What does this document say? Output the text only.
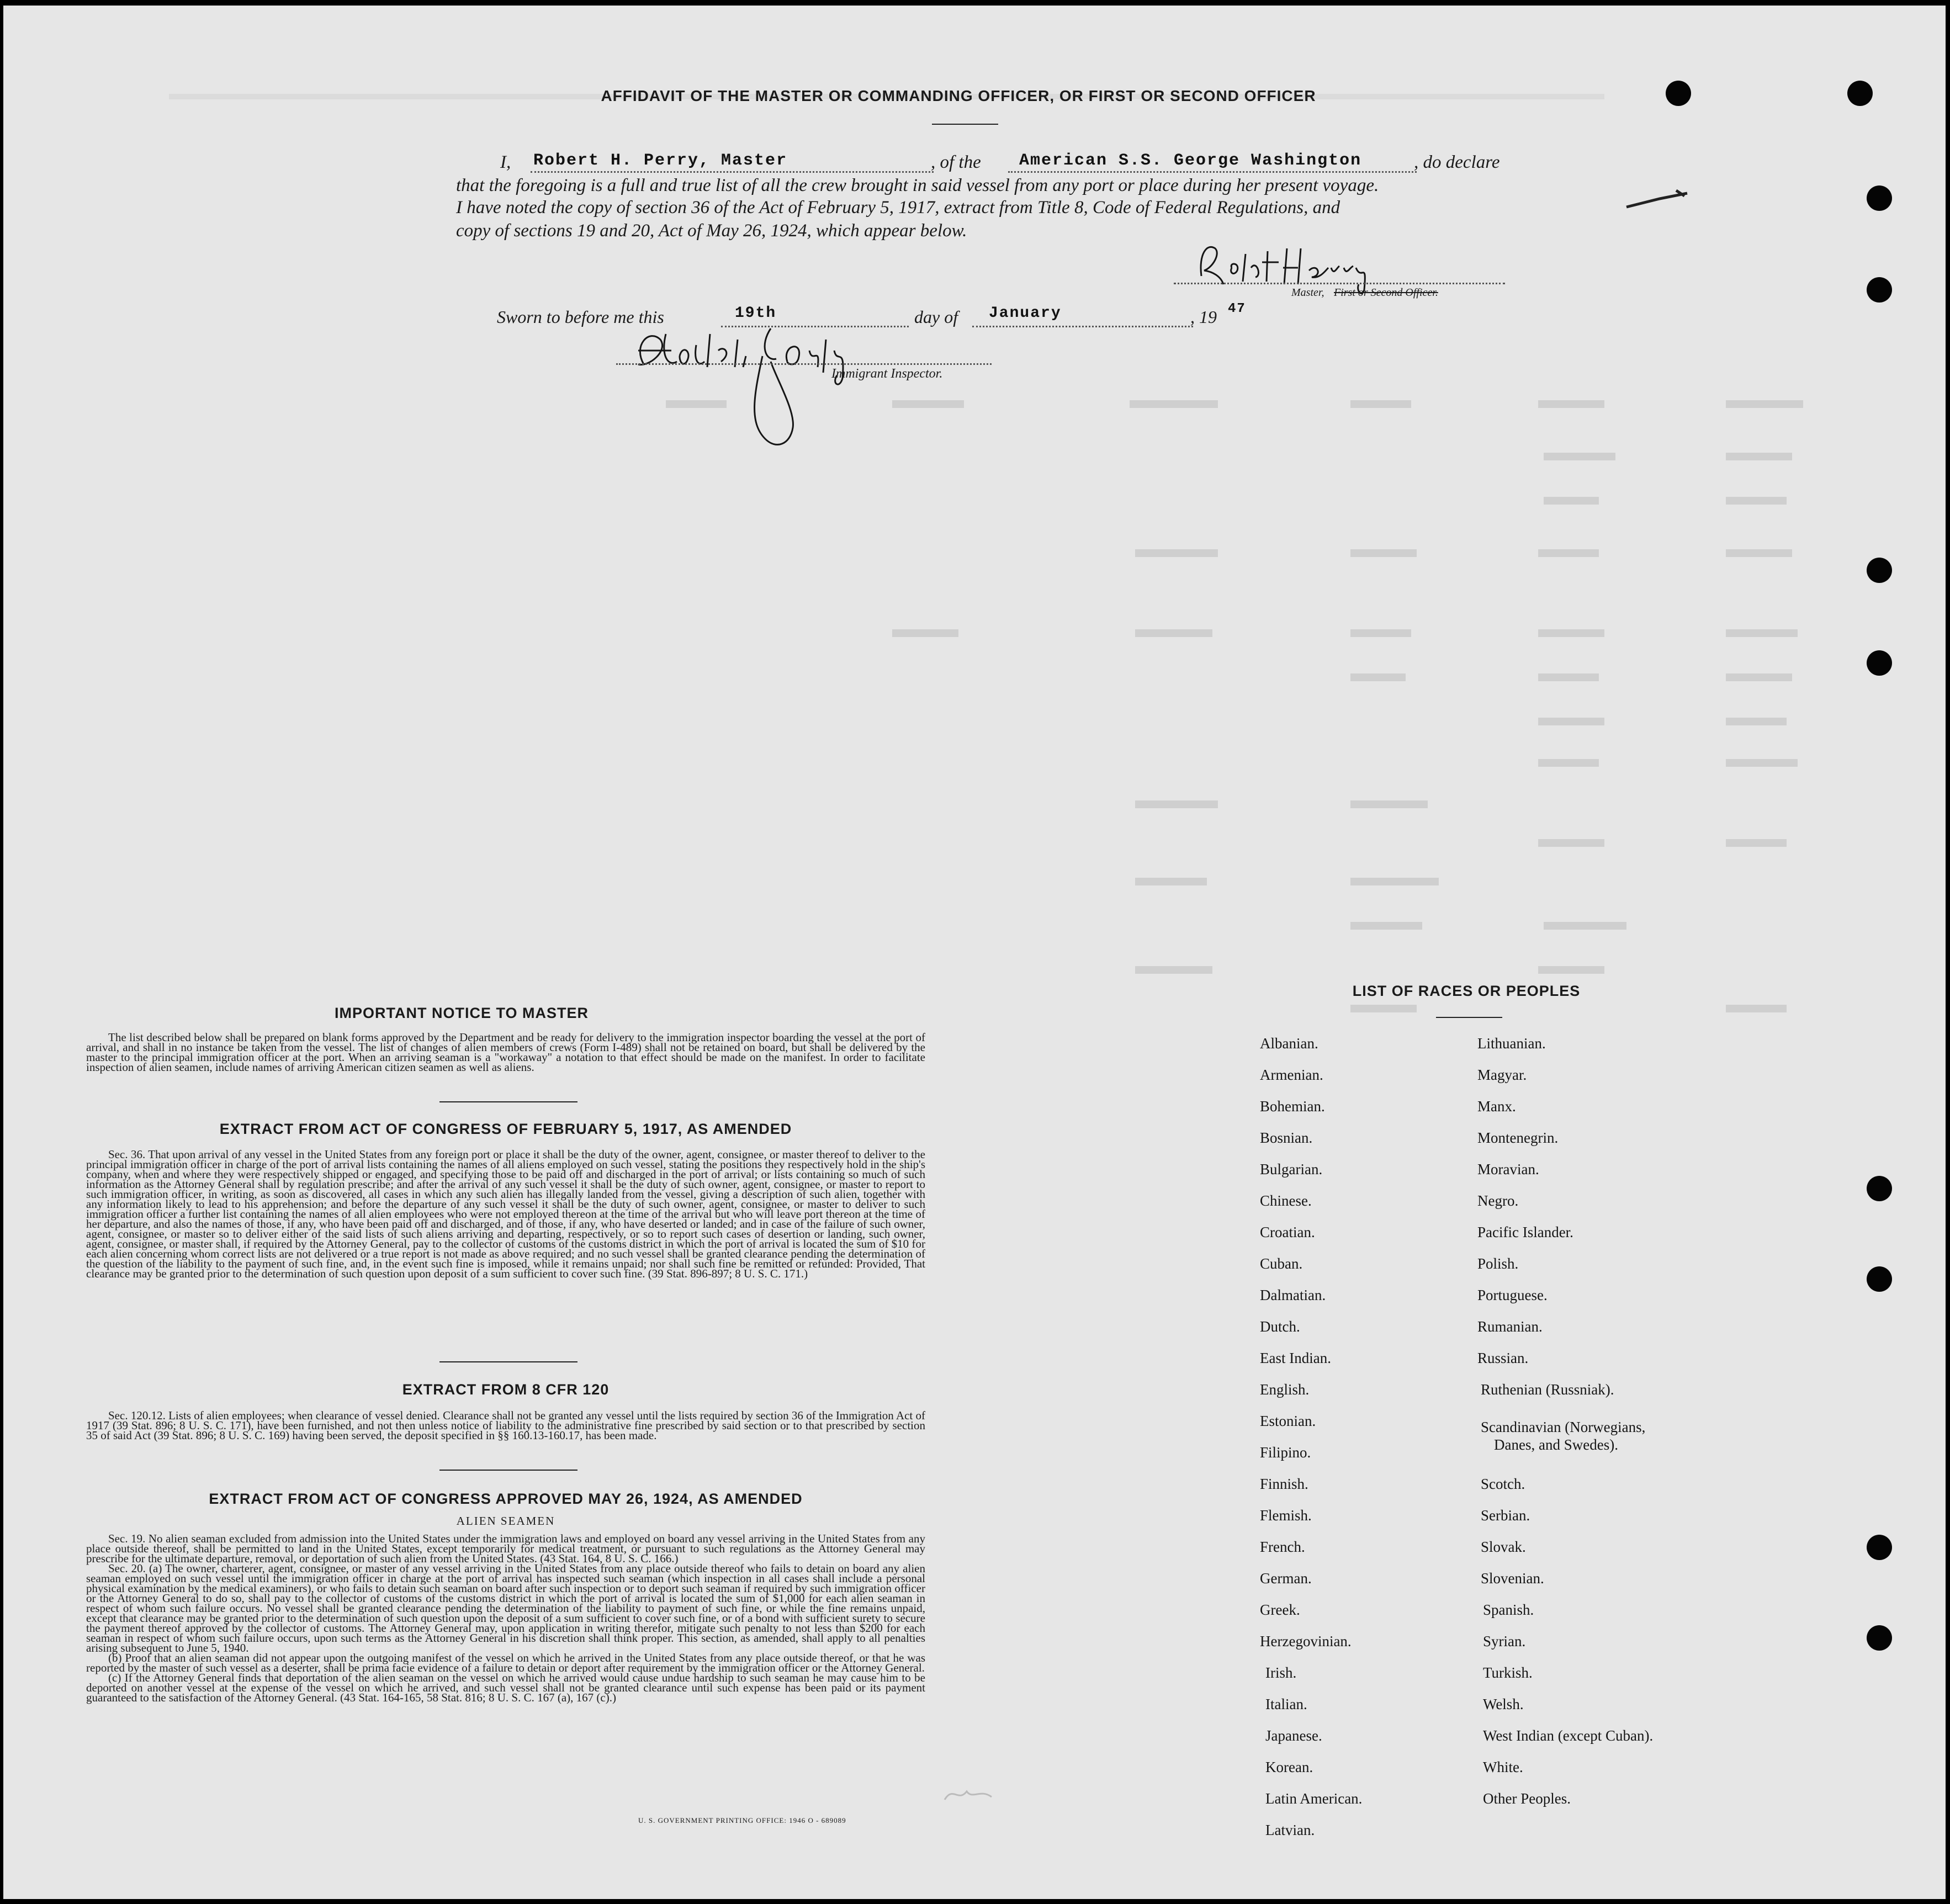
AFFIDAVIT OF THE MASTER OR COMMANDING OFFICER, OR FIRST OR SECOND OFFICER
I, Robert H. Perry, Master	, of the American S.S. George Washington	, do declare
that the foregoing is a full and true list of all the crew brought in said vessel from any port or place during her present voyage.
I have noted the copy of section 36 of the Act of February 5, 1917, extract from Title 8, Code of Federal Regulations, and
copy of sections 19 and 20, Act of May 26, 1924, which appear below.
Master, First or Second Officer.
Sworn to before me this	19th	day of January	, 19 47
Immigrant Inspector.
IMPORTANT NOTICE TO MASTER

The list described below shall be prepared on blank forms approved by the Department and be ready for delivery to the immigration inspector boarding the vessel at the port of arrival, and shall in no instance be taken from the vessel. The list of changes of alien members of crews (Form I-489) shall not be retained on board, but shall be delivered by the master to the principal immigration officer at the port. When an arriving seaman is a "workaway" a notation to that effect should be made on the manifest. In order to facilitate inspection of alien seamen, include names of arriving American citizen seamen as well as aliens.

EXTRACT FROM ACT OF CONGRESS OF FEBRUARY 5, 1917, AS AMENDED

Sec. 36. That upon arrival of any vessel in the United States from any foreign port or place it shall be the duty of the owner, agent, consignee, or master thereof to deliver to the principal immigration officer in charge of the port of arrival lists containing the names of all aliens employed on such vessel, stating the positions they respectively hold in the ship's company, when and where they were respectively shipped or engaged, and specifying those to be paid off and discharged in the port of arrival; or lists containing so much of such information as the Attorney General shall by regulation prescribe; and after the arrival of any such vessel it shall be the duty of such owner, agent, consignee, or master to report to such immigration officer, in writing, as soon as discovered, all cases in which any such alien has illegally landed from the vessel, giving a description of such alien, together with any information likely to lead to his apprehension; and before the departure of any such vessel it shall be the duty of such owner, agent, consignee, or master to deliver to such immigration officer a further list containing the names of all alien employees who were not employed thereon at the time of the arrival but who will leave port thereon at the time of her departure, and also the names of those, if any, who have been paid off and discharged, and of those, if any, who have deserted or landed; and in case of the failure of such owner, agent, consignee, or master so to deliver either of the said lists of such aliens arriving and departing, respectively, or so to report such cases of desertion or landing, such owner, agent, consignee, or master shall, if required by the Attorney General, pay to the collector of customs of the customs district in which the port of arrival is located the sum of $10 for each alien concerning whom correct lists are not delivered or a true report is not made as above required; and no such vessel shall be granted clearance pending the determination of the question of the liability to the payment of such fine, and, in the event such fine is imposed, while it remains unpaid; nor shall such fine be remitted or refunded: Provided, That clearance may be granted prior to the determination of such question upon deposit of a sum sufficient to cover such fine. (39 Stat. 896-897; 8 U. S. C. 171.)

EXTRACT FROM 8 CFR 120

Sec. 120.12. Lists of alien employees; when clearance of vessel denied. Clearance shall not be granted any vessel until the lists required by section 36 of the Immigration Act of 1917 (39 Stat. 896; 8 U. S. C. 171), have been furnished, and not then unless notice of liability to the administrative fine prescribed by said section or to that prescribed by section 35 of said Act (39 Stat. 896; 8 U. S. C. 169) having been served, the deposit specified in §§ 160.13-160.17, has been made.

EXTRACT FROM ACT OF CONGRESS APPROVED MAY 26, 1924, AS AMENDED
ALIEN SEAMEN

Sec. 19. No alien seaman excluded from admission into the United States under the immigration laws and employed on board any vessel arriving in the United States from any place outside thereof, shall be permitted to land in the United States, except temporarily for medical treatment, or pursuant to such regulations as the Attorney General may prescribe for the ultimate departure, removal, or deportation of such alien from the United States. (43 Stat. 164, 8 U. S. C. 166.)

Sec. 20. (a) The owner, charterer, agent, consignee, or master of any vessel arriving in the United States from any place outside thereof who fails to detain on board any alien seaman employed on such vessel until the immigration officer in charge at the port of arrival has inspected such seaman (which inspection in all cases shall include a personal physical examination by the medical examiners), or who fails to detain such seaman on board after such inspection or to deport such seaman if required by such immigration officer or the Attorney General to do so, shall pay to the collector of customs of the customs district in which the port of arrival is located the sum of $1,000 for each alien seaman in respect of whom such failure occurs. No vessel shall be granted clearance pending the determination of the liability to payment of such fine, or while the fine remains unpaid, except that clearance may be granted prior to the determination of such question upon the deposit of a sum sufficient to cover such fine, or of a bond with sufficient surety to secure the payment thereof approved by the collector of customs. The Attorney General may, upon application in writing therefor, mitigate such penalty to not less than $200 for each seaman in respect of whom such failure occurs, upon such terms as the Attorney General in his discretion shall think proper. This section, as amended, shall apply to all penalties arising subsequent to June 5, 1940.

(b) Proof that an alien seaman did not appear upon the outgoing manifest of the vessel on which he arrived in the United States from any place outside thereof, or that he was reported by the master of such vessel as a deserter, shall be prima facie evidence of a failure to detain or deport after requirement by the immigration officer or the Attorney General.

(c) If the Attorney General finds that deportation of the alien seaman on the vessel on which he arrived would cause undue hardship to such seaman he may cause him to be deported on another vessel at the expense of the vessel on which he arrived, and such vessel shall not be granted clearance until such expense has been paid or its payment guaranteed to the satisfaction of the Attorney General. (43 Stat. 164-165, 58 Stat. 816; 8 U. S. C. 167 (a), 167 (c).)

U. S. GOVERNMENT PRINTING OFFICE: 1946 O - 689089
LIST OF RACES OR PEOPLES
Albanian.
Armenian.
Bohemian.
Bosnian.
Bulgarian.
Chinese.
Croatian.
Cuban.
Dalmatian.
Dutch.
East Indian.
English.
Estonian.
Filipino.
Finnish.
Flemish.
French.
German.
Greek.
Herzegovinian.
Irish.
Italian.
Japanese.
Korean.
Latin American.
Latvian.
Lithuanian.
Magyar.
Manx.
Montenegrin.
Moravian.
Negro.
Pacific Islander.
Polish.
Portuguese.
Rumanian.
Russian.
Ruthenian (Russniak).
Scandinavian (Norwegians,
Danes, and Swedes).
Scotch.
Serbian.
Slovak.
Slovenian.
Spanish.
Syrian.
Turkish.
Welsh.
West Indian (except Cuban).
White.
Other Peoples.
